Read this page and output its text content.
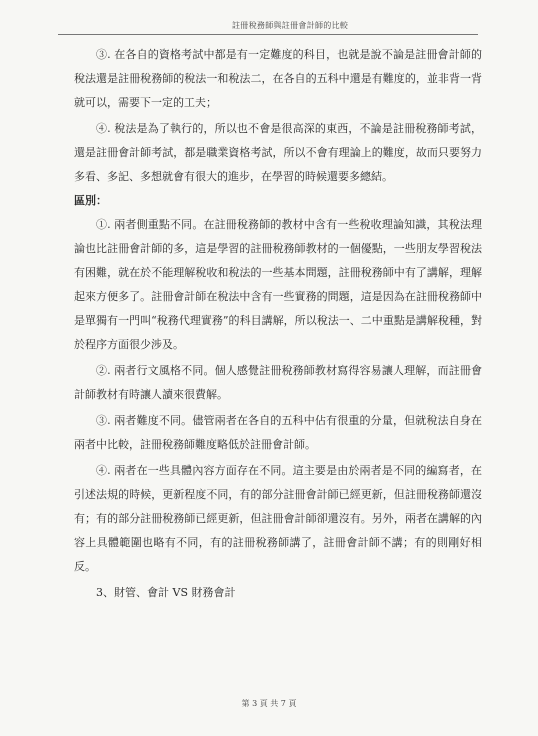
註冊稅務師與註冊會計師的比較

③. 在各自的資格考試中都是有一定難度的科目，也就是說不論是註冊會計師的稅法還是註冊稅務師的稅法一和稅法二，在各自的五科中還是有難度的，並非背一背就可以，需要下一定的工夫；

④. 稅法是為了執行的，所以也不會是很高深的東西，不論是註冊稅務師考試，還是註冊會計師考試，都是職業資格考試，所以不會有理論上的難度，故而只要努力多看、多記、多想就會有很大的進步，在學習的時候還要多總結。

區別：

①. 兩者側重點不同。在註冊稅務師的教材中含有一些稅收理論知識，其稅法理論也比註冊會計師的多，這是學習的註冊稅務師教材的一個優點，一些朋友學習稅法有困難，就在於不能理解稅收和稅法的一些基本問題，註冊稅務師中有了講解，理解起來方便多了。註冊會計師在稅法中含有一些實務的問題，這是因為在註冊稅務師中是單獨有一門叫“稅務代理實務”的科目講解，所以稅法一、二中重點是講解稅種，對於程序方面很少涉及。

②. 兩者行文風格不同。個人感覺註冊稅務師教材寫得容易讓人理解，而註冊會計師教材有時讓人讀來很費解。

③. 兩者難度不同。儘管兩者在各自的五科中佔有很重的分量，但就稅法自身在兩者中比較，註冊稅務師難度略低於註冊會計師。

④. 兩者在一些具體內容方面存在不同。這主要是由於兩者是不同的編寫者，在引述法規的時候，更新程度不同，有的部分註冊會計師已經更新，但註冊稅務師還沒有；有的部分註冊稅務師已經更新，但註冊會計師卻還沒有。另外，兩者在講解的內容上具體範圍也略有不同，有的註冊稅務師講了，註冊會計師不講；有的則剛好相反。

3、財管、會計 VS 財務會計

第 3 頁 共 7 頁
